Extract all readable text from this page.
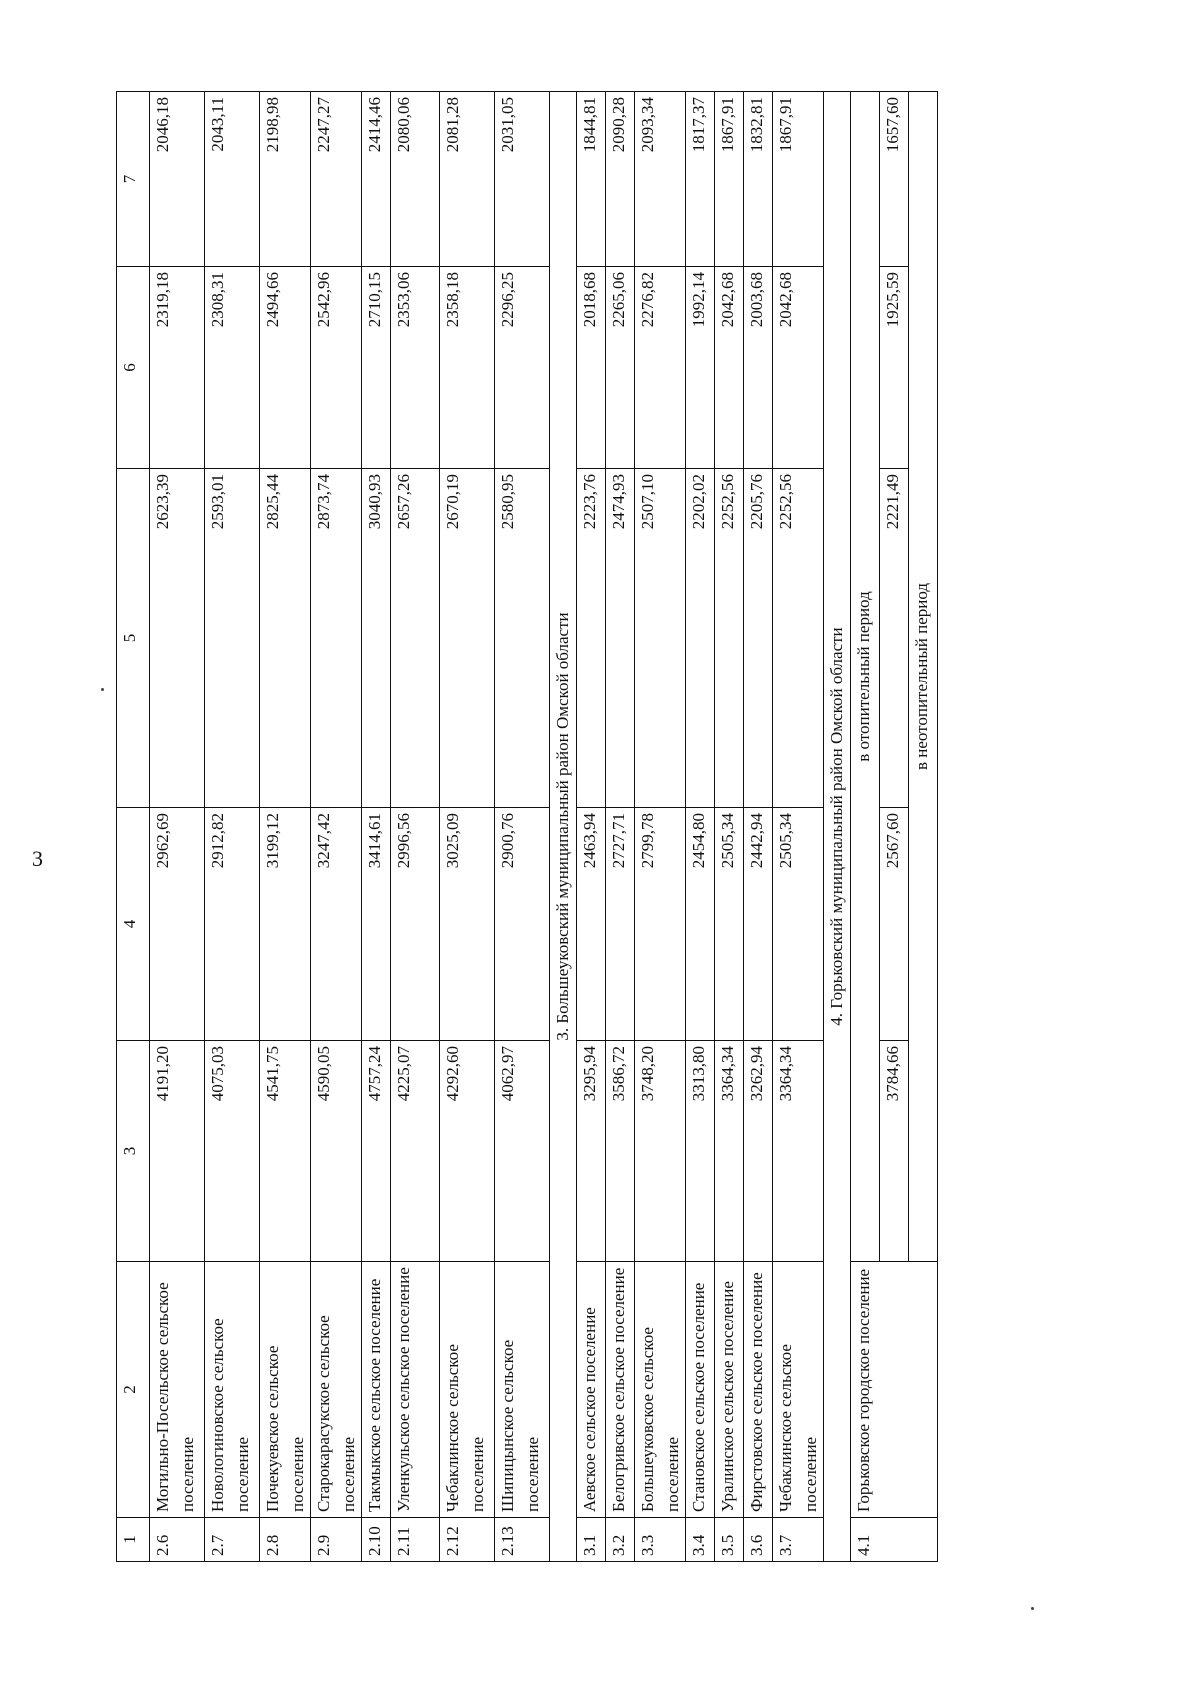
3
1	2	3	4	5	6	7
2.6	Могильно-Посельское сельское поселение	4191,20	2962,69	2623,39	2319,18	2046,18
2.7	Новологиновское сельское поселение	4075,03	2912,82	2593,01	2308,31	2043,11
2.8	Почекуевское сельское поселение	4541,75	3199,12	2825,44	2494,66	2198,98
2.9	Старокарасукское сельское поселение	4590,05	3247,42	2873,74	2542,96	2247,27
2.10	Такмыкское сельское поселение	4757,24	3414,61	3040,93	2710,15	2414,46
2.11	Уленкульское сельское поселение	4225,07	2996,56	2657,26	2353,06	2080,06
2.12	Чебаклинское сельское поселение	4292,60	3025,09	2670,19	2358,18	2081,28
2.13	Шипицынское сельское поселение	4062,97	2900,76	2580,95	2296,25	2031,05
3. Большеуковский муниципальный район Омской области						
3.1	Аевское сельское поселение	3295,94	2463,94	2223,76	2018,68	1844,81
3.2	Белогривское сельское поселение	3586,72	2727,71	2474,93	2265,06	2090,28
3.3	Большеуковское сельское поселение	3748,20	2799,78	2507,10	2276,82	2093,34
3.4	Становское сельское поселение	3313,80	2454,80	2202,02	1992,14	1817,37
3.5	Уралинское сельское поселение	3364,34	2505,34	2252,56	2042,68	1867,91
3.6	Фирстовское сельское поселение	3262,94	2442,94	2205,76	2003,68	1832,81
3.7	Чебаклинское сельское поселение	3364,34	2505,34	2252,56	2042,68	1867,91
4. Горьковский муниципальный район Омской области						
4.1	Горьковское городское поселение	в отопительный период				
		3784,66	2567,60	2221,49	1925,59	1657,60
		в неотопительный период				
